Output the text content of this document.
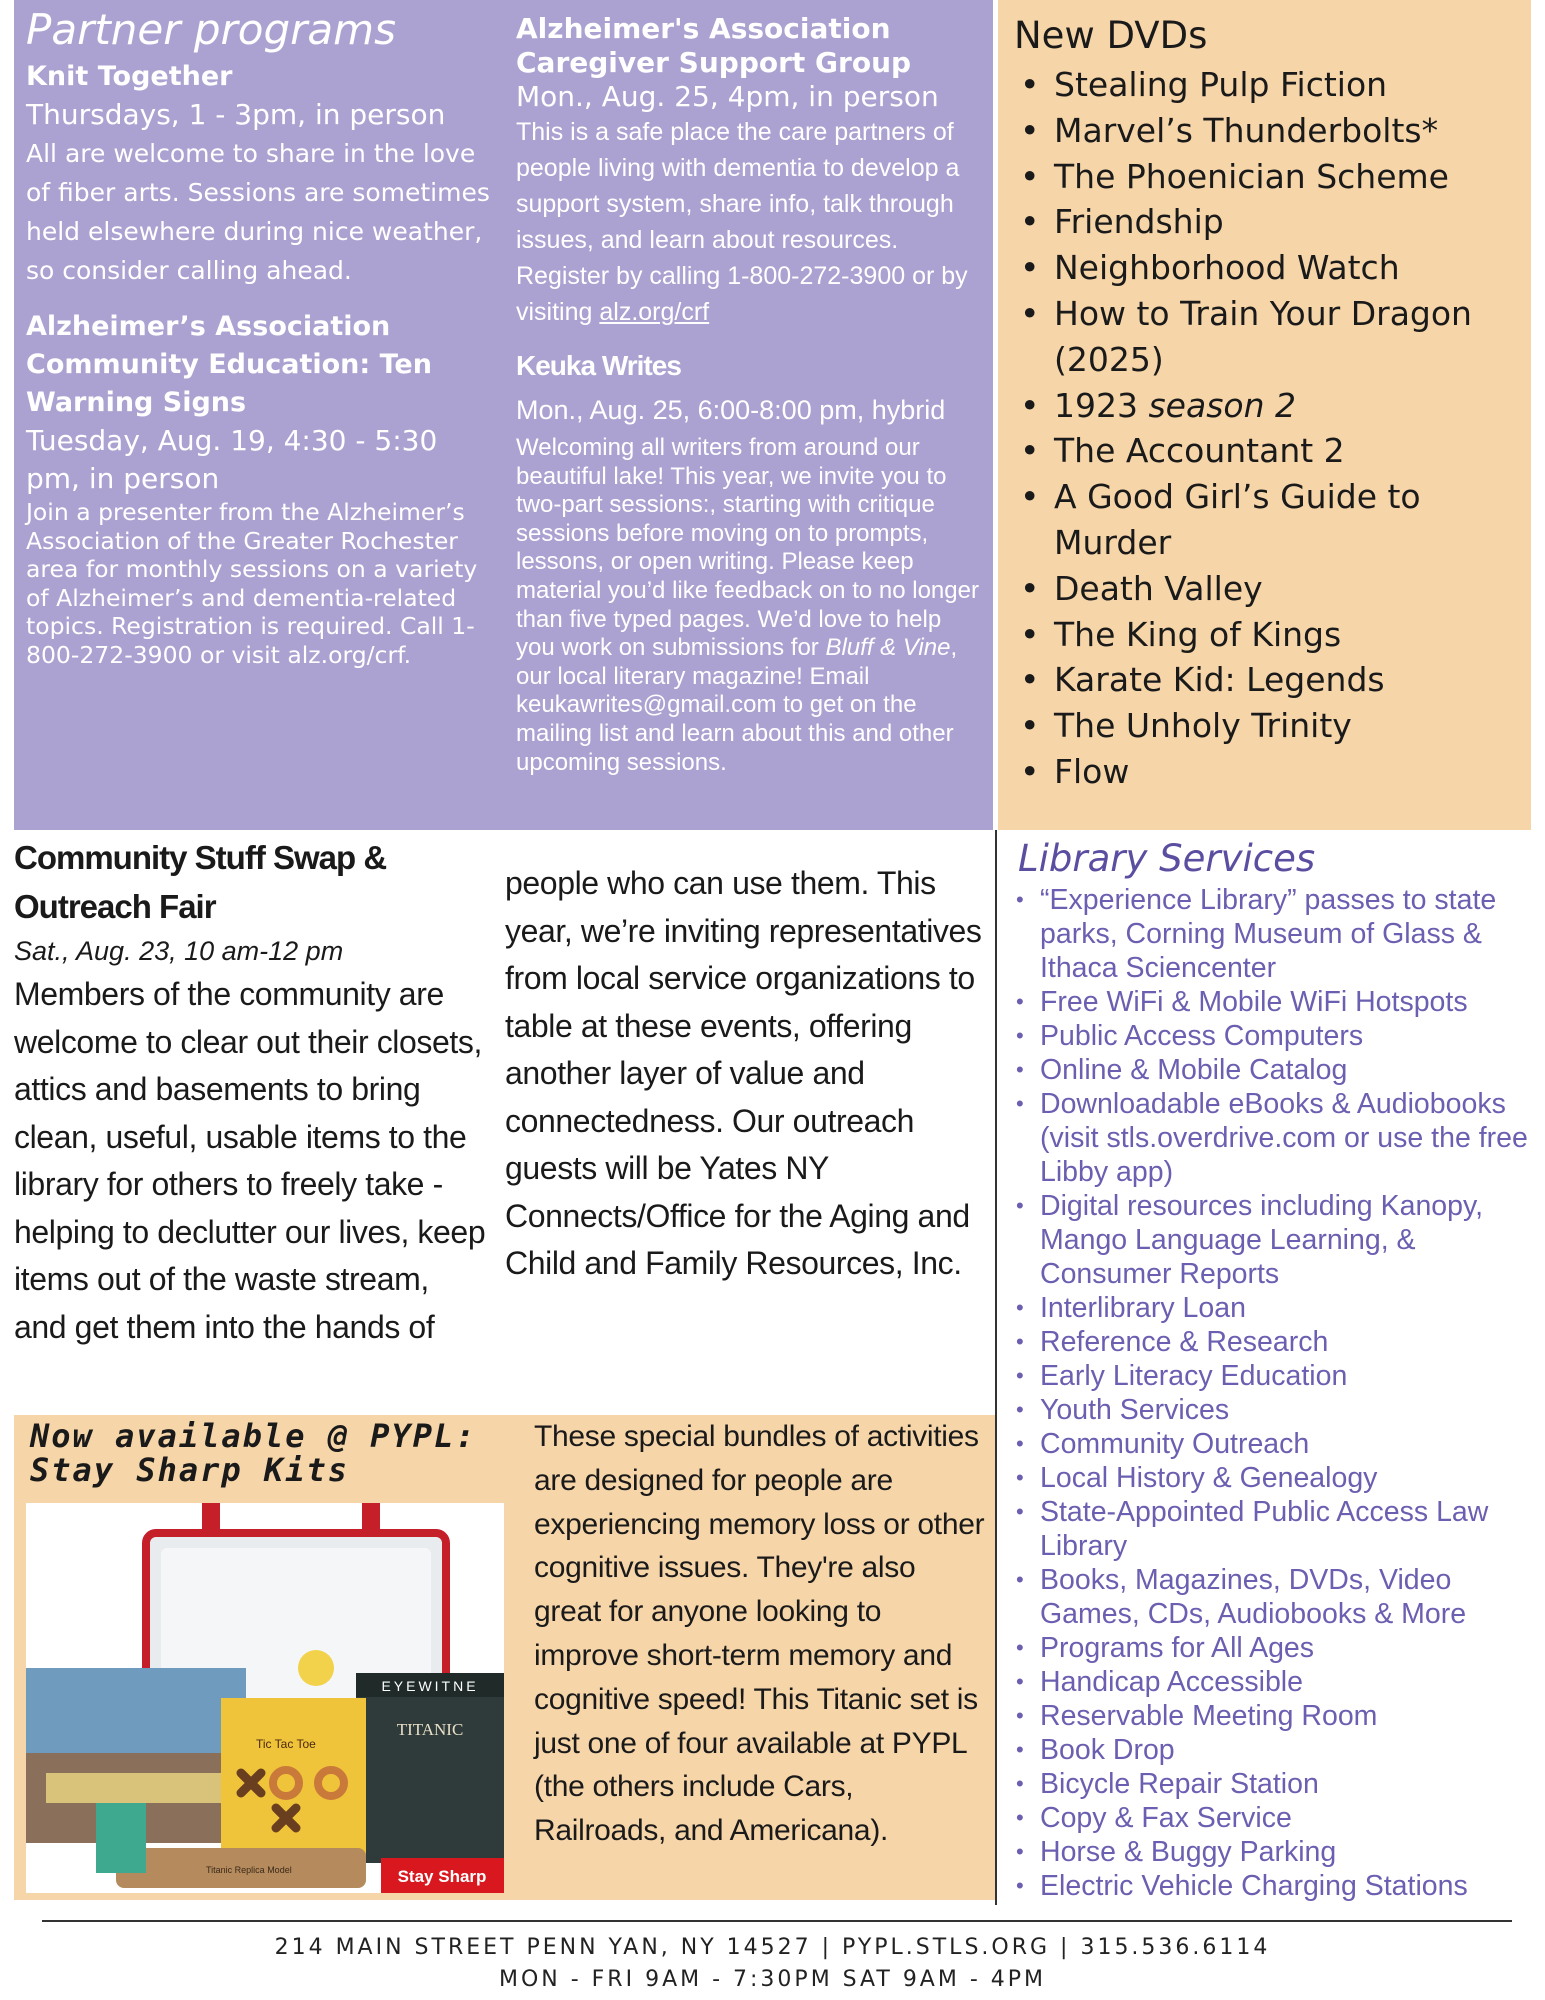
Partner programs
Knit Together
Thursdays, 1 - 3pm, in person

All are welcome to share in the love of fiber arts. Sessions are sometimes held elsewhere during nice weather, so consider calling ahead.

Alzheimer’s Association Community Education: Ten Warning Signs
Tuesday, Aug. 19, 4:30 - 5:30 pm, in person

Join a presenter from the Alzheimer’s Association of the Greater Rochester area for monthly sessions on a variety of Alzheimer’s and dementia-related topics. Registration is required. Call 1-800-272-3900 or visit alz.org/crf.

Alzheimer's Association Caregiver Support Group
Mon., Aug. 25, 4pm, in person

This is a safe place the care partners of people living with dementia to develop a support system, share info, talk through issues, and learn about resources. Register by calling 1-800-272-3900 or by visiting alz.org/crf

Keuka Writes
Mon., Aug. 25, 6:00-8:00 pm, hybrid

Welcoming all writers from around our beautiful lake! This year, we invite you to two-part sessions:, starting with critique sessions before moving on to prompts, lessons, or open writing. Please keep material you’d like feedback on to no longer than five typed pages. We’d love to help you work on submissions for Bluff & Vine, our local literary magazine! Email keukawrites@gmail.com to get on the mailing list and learn about this and other upcoming sessions.

New DVDs
• Stealing Pulp Fiction
• Marvel’s Thunderbolts*
• The Phoenician Scheme
• Friendship
• Neighborhood Watch
• How to Train Your Dragon (2025)
• 1923 season 2
• The Accountant 2
• A Good Girl’s Guide to Murder
• Death Valley
• The King of Kings
• Karate Kid: Legends
• The Unholy Trinity
• Flow
Community Stuff Swap &
Outreach Fair
Sat., Aug. 23, 10 am-12 pm

Members of the community are welcome to clear out their closets, attics and basements to bring clean, useful, usable items to the library for others to freely take - helping to declutter our lives, keep items out of the waste stream, and get them into the hands of

people who can use them. This year, we’re inviting representatives from local service organizations to table at these events, offering another layer of value and connectedness. Our outreach guests will be Yates NY Connects/Office for the Aging and Child and Family Resources, Inc.

Now available @ PYPL:
Stay Sharp Kits
EYEWITNE
TITANIC
Tic Tac Toe
Titanic Replica Model	Stay Sharp

These special bundles of activities are designed for people are experiencing memory loss or other cognitive issues. They're also great for anyone looking to improve short-term memory and cognitive speed! This Titanic set is just one of four available at PYPL (the others include Cars, Railroads, and Americana).

Library Services
• “Experience Library” passes to state parks, Corning Museum of Glass & Ithaca Sciencenter
• Free WiFi & Mobile WiFi Hotspots
• Public Access Computers
• Online & Mobile Catalog
• Downloadable eBooks & Audiobooks (visit stls.overdrive.com or use the free Libby app)
• Digital resources including Kanopy, Mango Language Learning, & Consumer Reports
• Interlibrary Loan
• Reference & Research
• Early Literacy Education
• Youth Services
• Community Outreach
• Local History & Genealogy
• State-Appointed Public Access Law Library
• Books, Magazines, DVDs, Video Games, CDs, Audiobooks & More
• Programs for All Ages
• Handicap Accessible
• Reservable Meeting Room
• Book Drop
• Bicycle Repair Station
• Copy & Fax Service
• Horse & Buggy Parking
• Electric Vehicle Charging Stations
214 MAIN STREET PENN YAN, NY 14527 | PYPL.STLS.ORG | 315.536.6114
MON - FRI 9AM - 7:30PM SAT 9AM - 4PM
